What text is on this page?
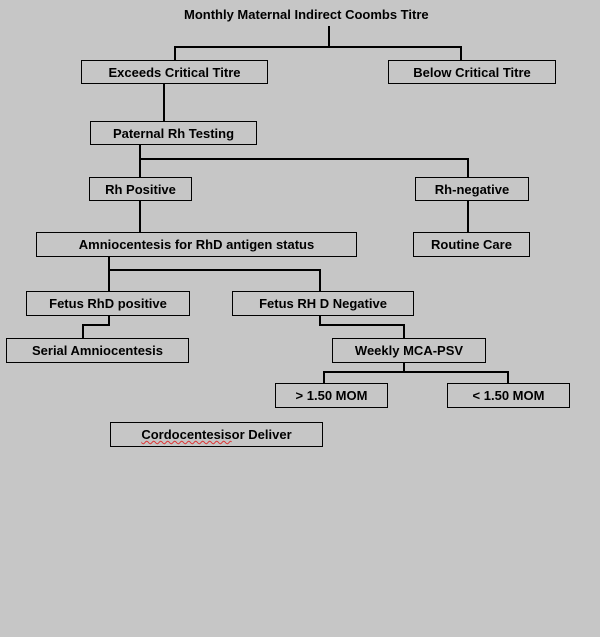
Monthly Maternal Indirect Coombs Titre
Exceeds Critical Titre	Below Critical Titre
Paternal Rh Testing
Rh Positive	Rh-negative
Amniocentesis for RhD antigen status	Routine Care
Fetus RhD positive	Fetus RH D Negative
Serial Amniocentesis	Weekly MCA-PSV
> 1.50 MOM	< 1.50 MOM
Cordocentesis or Deliver
